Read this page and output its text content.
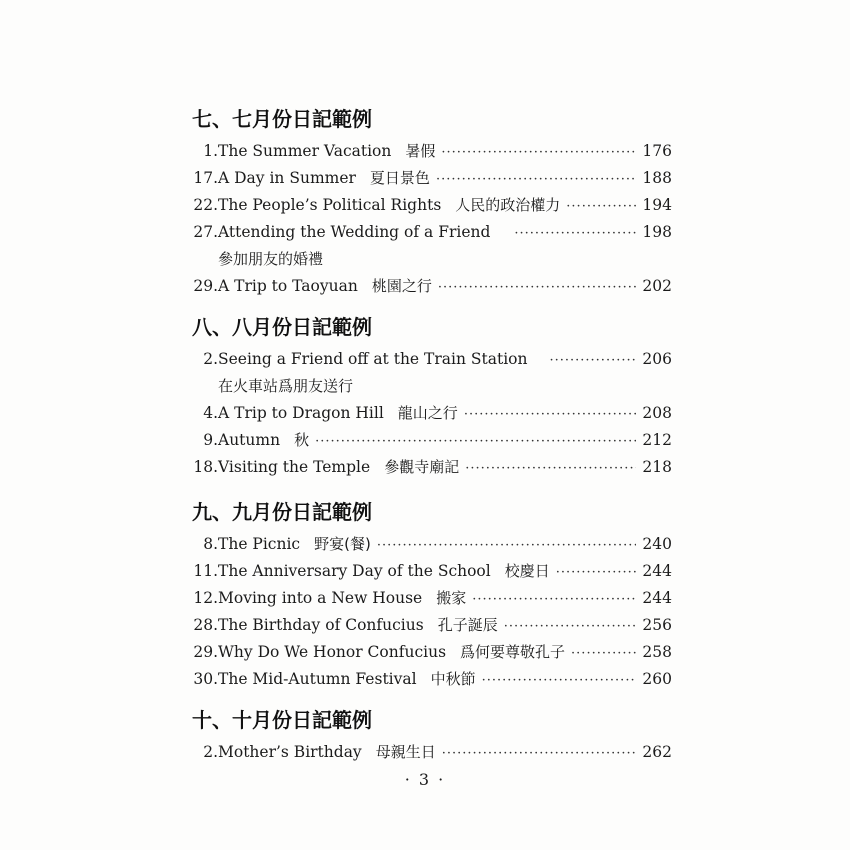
七、七月份日記範例
1. The Summer Vacation 暑假 ·····	176
17. A Day in Summer 夏日景色 ·····	188
22. The People’s Political Rights 人民的政治權力 ·····	194
27. Attending the Wedding of a Friend ·····	198
參加朋友的婚禮
29. A Trip to Taoyuan 桃園之行 ·····	202
八、八月份日記範例
2. Seeing a Friend off at the Train Station ·····	206
在火車站爲朋友送行
4. A Trip to Dragon Hill 龍山之行 ·····	208
9. Autumn 秋 ·····	212
18. Visiting the Temple 參觀寺廟記 ·····	218
九、九月份日記範例
8. The Picnic 野宴(餐) ·····	240
11. The Anniversary Day of the School 校慶日 ·····	244
12. Moving into a New House 搬家 ·····	244
28. The Birthday of Confucius 孔子誕辰 ·····	256
29. Why Do We Honor Confucius 爲何要尊敬孔子 ·····	258
30. The Mid-Autumn Festival 中秋節 ·····	260
十、十月份日記範例
2. Mother’s Birthday 母親生日 ·····	262
· 3 ·
